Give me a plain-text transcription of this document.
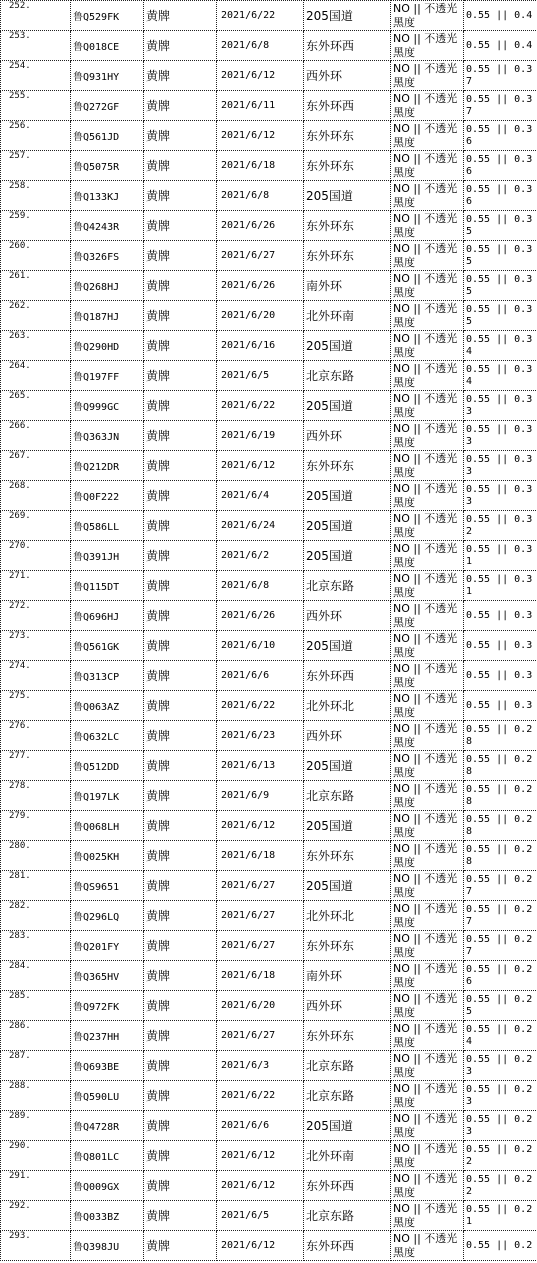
252.	鲁Q529FK	黄牌	2021/6/22	205国道	NO || 不透光黑度	0.55 || 0.4
253.	鲁Q018CE	黄牌	2021/6/8	东外环西	NO || 不透光黑度	0.55 || 0.4
254.	鲁Q931HY	黄牌	2021/6/12	西外环	NO || 不透光黑度	0.55 || 0.37
255.	鲁Q272GF	黄牌	2021/6/11	东外环西	NO || 不透光黑度	0.55 || 0.37
256.	鲁Q561JD	黄牌	2021/6/12	东外环东	NO || 不透光黑度	0.55 || 0.36
257.	鲁Q5075R	黄牌	2021/6/18	东外环东	NO || 不透光黑度	0.55 || 0.36
258.	鲁Q133KJ	黄牌	2021/6/8	205国道	NO || 不透光黑度	0.55 || 0.36
259.	鲁Q4243R	黄牌	2021/6/26	东外环东	NO || 不透光黑度	0.55 || 0.35
260.	鲁Q326FS	黄牌	2021/6/27	东外环东	NO || 不透光黑度	0.55 || 0.35
261.	鲁Q268HJ	黄牌	2021/6/26	南外环	NO || 不透光黑度	0.55 || 0.35
262.	鲁Q187HJ	黄牌	2021/6/20	北外环南	NO || 不透光黑度	0.55 || 0.35
263.	鲁Q290HD	黄牌	2021/6/16	205国道	NO || 不透光黑度	0.55 || 0.34
264.	鲁Q197FF	黄牌	2021/6/5	北京东路	NO || 不透光黑度	0.55 || 0.34
265.	鲁Q999GC	黄牌	2021/6/22	205国道	NO || 不透光黑度	0.55 || 0.33
266.	鲁Q363JN	黄牌	2021/6/19	西外环	NO || 不透光黑度	0.55 || 0.33
267.	鲁Q212DR	黄牌	2021/6/12	东外环东	NO || 不透光黑度	0.55 || 0.33
268.	鲁Q0F222	黄牌	2021/6/4	205国道	NO || 不透光黑度	0.55 || 0.33
269.	鲁Q586LL	黄牌	2021/6/24	205国道	NO || 不透光黑度	0.55 || 0.32
270.	鲁Q391JH	黄牌	2021/6/2	205国道	NO || 不透光黑度	0.55 || 0.31
271.	鲁Q115DT	黄牌	2021/6/8	北京东路	NO || 不透光黑度	0.55 || 0.31
272.	鲁Q696HJ	黄牌	2021/6/26	西外环	NO || 不透光黑度	0.55 || 0.3
273.	鲁Q561GK	黄牌	2021/6/10	205国道	NO || 不透光黑度	0.55 || 0.3
274.	鲁Q313CP	黄牌	2021/6/6	东外环西	NO || 不透光黑度	0.55 || 0.3
275.	鲁Q063AZ	黄牌	2021/6/22	北外环北	NO || 不透光黑度	0.55 || 0.3
276.	鲁Q632LC	黄牌	2021/6/23	西外环	NO || 不透光黑度	0.55 || 0.28
277.	鲁Q512DD	黄牌	2021/6/13	205国道	NO || 不透光黑度	0.55 || 0.28
278.	鲁Q197LK	黄牌	2021/6/9	北京东路	NO || 不透光黑度	0.55 || 0.28
279.	鲁Q068LH	黄牌	2021/6/12	205国道	NO || 不透光黑度	0.55 || 0.28
280.	鲁Q025KH	黄牌	2021/6/18	东外环东	NO || 不透光黑度	0.55 || 0.28
281.	鲁QS9651	黄牌	2021/6/27	205国道	NO || 不透光黑度	0.55 || 0.27
282.	鲁Q296LQ	黄牌	2021/6/27	北外环北	NO || 不透光黑度	0.55 || 0.27
283.	鲁Q201FY	黄牌	2021/6/27	东外环东	NO || 不透光黑度	0.55 || 0.27
284.	鲁Q365HV	黄牌	2021/6/18	南外环	NO || 不透光黑度	0.55 || 0.26
285.	鲁Q972FK	黄牌	2021/6/20	西外环	NO || 不透光黑度	0.55 || 0.25
286.	鲁Q237HH	黄牌	2021/6/27	东外环东	NO || 不透光黑度	0.55 || 0.24
287.	鲁Q693BE	黄牌	2021/6/3	北京东路	NO || 不透光黑度	0.55 || 0.23
288.	鲁Q590LU	黄牌	2021/6/22	北京东路	NO || 不透光黑度	0.55 || 0.23
289.	鲁Q4728R	黄牌	2021/6/6	205国道	NO || 不透光黑度	0.55 || 0.23
290.	鲁Q801LC	黄牌	2021/6/12	北外环南	NO || 不透光黑度	0.55 || 0.22
291.	鲁Q009GX	黄牌	2021/6/12	东外环西	NO || 不透光黑度	0.55 || 0.22
292.	鲁Q033BZ	黄牌	2021/6/5	北京东路	NO || 不透光黑度	0.55 || 0.21
293.	鲁Q398JU	黄牌	2021/6/12	东外环西	NO || 不透光黑度	0.55 || 0.2
